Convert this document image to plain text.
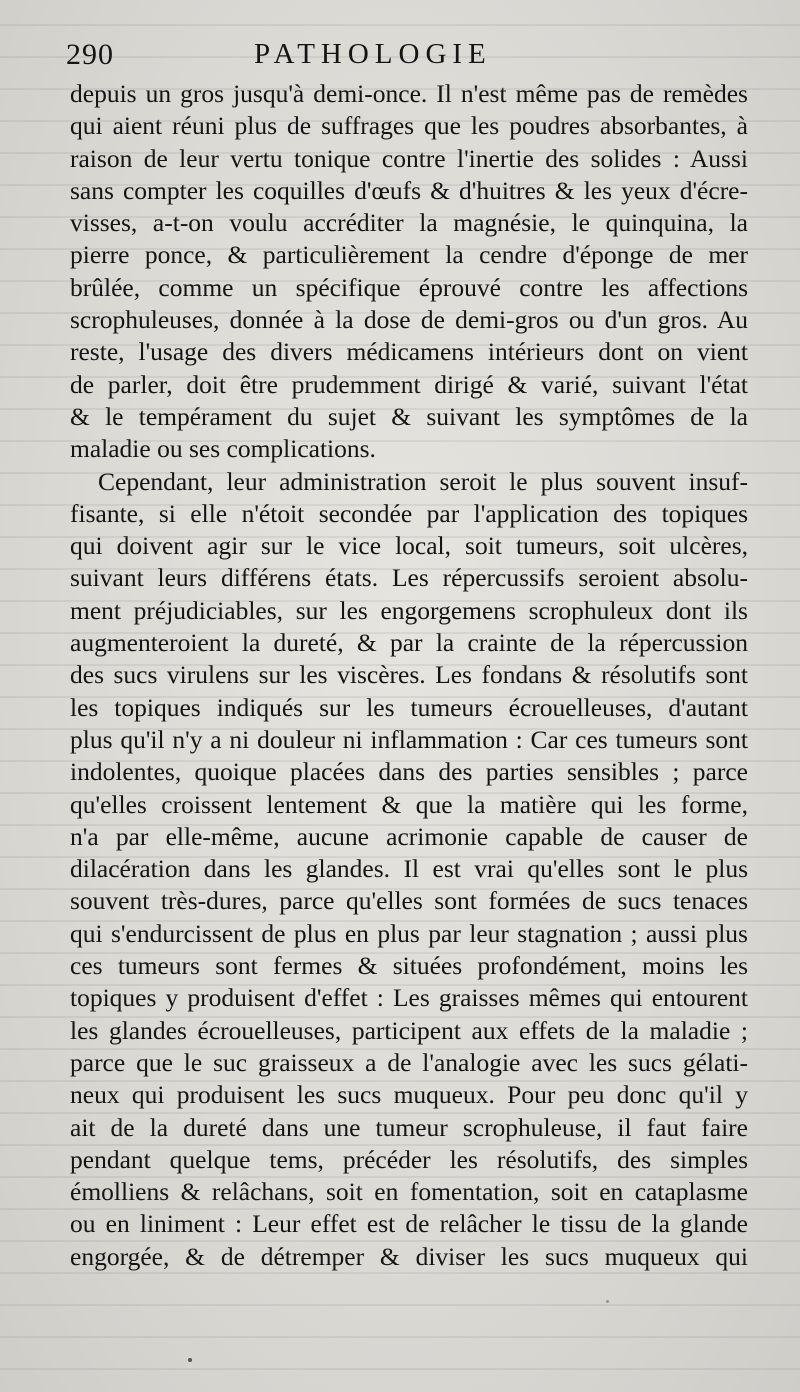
290	PATHOLOGIE
depuis un gros jusqu'à demi-once. Il n'est même pas de remèdes
qui aient réuni plus de suffrages que les poudres absorbantes, à
raison de leur vertu tonique contre l'inertie des solides : Aussi
sans compter les coquilles d'œufs & d'huitres & les yeux d'écre-
visses, a-t-on voulu accréditer la magnésie, le quinquina, la
pierre ponce, & particulièrement la cendre d'éponge de mer
brûlée, comme un spécifique éprouvé contre les affections
scrophuleuses, donnée à la dose de demi-gros ou d'un gros. Au
reste, l'usage des divers médicamens intérieurs dont on vient
de parler, doit être prudemment dirigé & varié, suivant l'état
& le tempérament du sujet & suivant les symptômes de la
maladie ou ses complications.
Cependant, leur administration seroit le plus souvent insuf-
fisante, si elle n'étoit secondée par l'application des topiques
qui doivent agir sur le vice local, soit tumeurs, soit ulcères,
suivant leurs différens états. Les répercussifs seroient absolu-
ment préjudiciables, sur les engorgemens scrophuleux dont ils
augmenteroient la dureté, & par la crainte de la répercussion
des sucs virulens sur les viscères. Les fondans & résolutifs sont
les topiques indiqués sur les tumeurs écrouelleuses, d'autant
plus qu'il n'y a ni douleur ni inflammation : Car ces tumeurs sont
indolentes, quoique placées dans des parties sensibles ; parce
qu'elles croissent lentement & que la matière qui les forme,
n'a par elle-même, aucune acrimonie capable de causer de
dilacération dans les glandes. Il est vrai qu'elles sont le plus
souvent très-dures, parce qu'elles sont formées de sucs tenaces
qui s'endurcissent de plus en plus par leur stagnation ; aussi plus
ces tumeurs sont fermes & situées profondément, moins les
topiques y produisent d'effet : Les graisses mêmes qui entourent
les glandes écrouelleuses, participent aux effets de la maladie ;
parce que le suc graisseux a de l'analogie avec les sucs gélati-
neux qui produisent les sucs muqueux. Pour peu donc qu'il y
ait de la dureté dans une tumeur scrophuleuse, il faut faire
pendant quelque tems, précéder les résolutifs, des simples
émolliens & relâchans, soit en fomentation, soit en cataplasme
ou en liniment : Leur effet est de relâcher le tissu de la glande
engorgée, & de détremper & diviser les sucs muqueux qui
